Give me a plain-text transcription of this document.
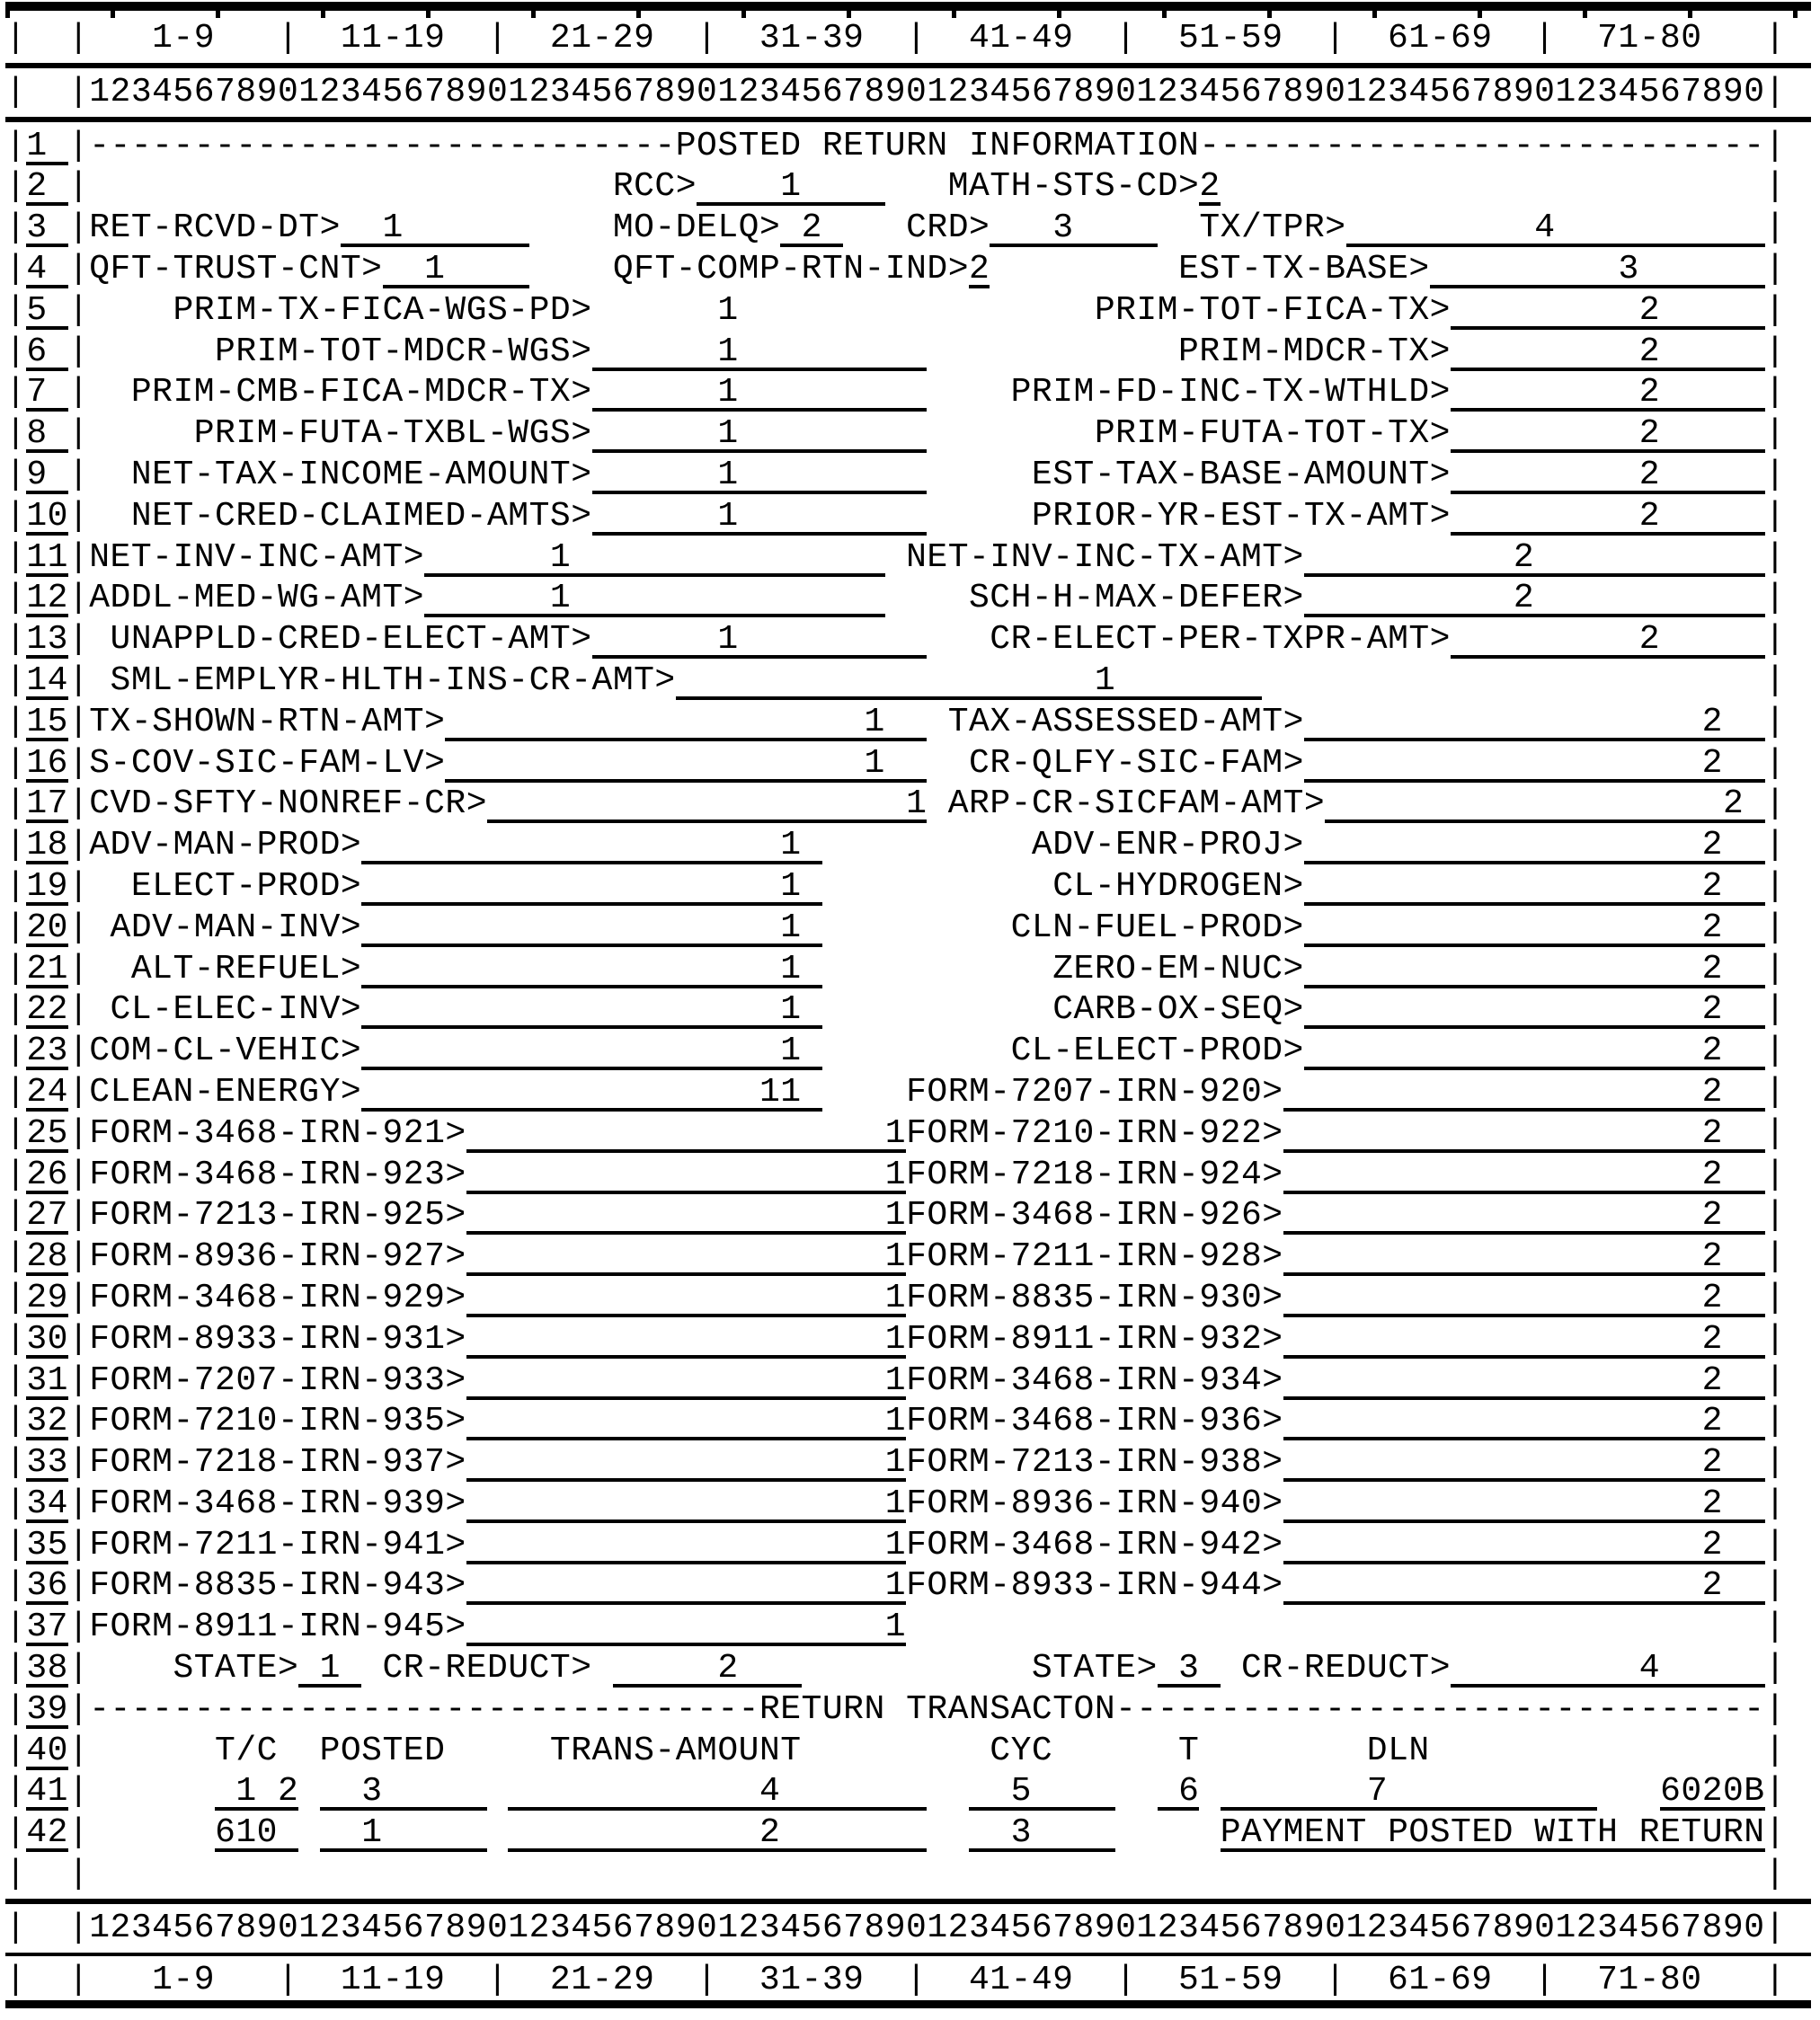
|  |   1-9   |  11-19  |  21-29  |  31-39  |  41-49  |  51-59  |  61-69  |  71-80   |
|  |12345678901234567890123456789012345678901234567890123456789012345678901234567890|
|1 |----------------------------POSTED RETURN INFORMATION---------------------------|
|2 |                         RCC>    1       MATH-STS-CD>2	|
|3 |RET-RCVD-DT>  1          MO-DELQ> 2    CRD>   3      TX/TPR>         4          |
|4 |QFT-TRUST-CNT>  1        QFT-COMP-RTN-IND>2         EST-TX-BASE>         3      |
|5 |    PRIM-TX-FICA-WGS-PD>      1                 PRIM-TOT-FICA-TX>         2     |
|6 |      PRIM-TOT-MDCR-WGS>      1                     PRIM-MDCR-TX>         2     |
|7 |  PRIM-CMB-FICA-MDCR-TX>      1             PRIM-FD-INC-TX-WTHLD>         2     |
|8 |     PRIM-FUTA-TXBL-WGS>      1                 PRIM-FUTA-TOT-TX>         2     |
|9 |  NET-TAX-INCOME-AMOUNT>      1              EST-TAX-BASE-AMOUNT>         2     |
|10|  NET-CRED-CLAIMED-AMTS>      1              PRIOR-YR-EST-TX-AMT>         2     |
|11|NET-INV-INC-AMT>      1                NET-INV-INC-TX-AMT>          2           |
|12|ADDL-MED-WG-AMT>      1                   SCH-H-MAX-DEFER>          2           |
|13| UNAPPLD-CRED-ELECT-AMT>      1            CR-ELECT-PER-TXPR-AMT>         2     |
|14| SML-EMPLYR-HLTH-INS-CR-AMT>                    1	|
|15|TX-SHOWN-RTN-AMT>                    1   TAX-ASSESSED-AMT>                   2  |
|16|S-COV-SIC-FAM-LV>                    1    CR-QLFY-SIC-FAM>                   2  |
|17|CVD-SFTY-NONREF-CR>                    1 ARP-CR-SICFAM-AMT>                   2 |
|18|ADV-MAN-PROD>                    1           ADV-ENR-PROJ>                   2  |
|19|  ELECT-PROD>                    1            CL-HYDROGEN>                   2  |
|20| ADV-MAN-INV>                    1          CLN-FUEL-PROD>                   2  |
|21|  ALT-REFUEL>                    1            ZERO-EM-NUC>                   2  |
|22| CL-ELEC-INV>                    1            CARB-OX-SEQ>                   2  |
|23|COM-CL-VEHIC>                    1          CL-ELECT-PROD>                   2  |
|24|CLEAN-ENERGY>                   11     FORM-7207-IRN-920>                    2  |
|25|FORM-3468-IRN-921>                    1FORM-7210-IRN-922>                    2  |
|26|FORM-3468-IRN-923>                    1FORM-7218-IRN-924>                    2  |
|27|FORM-7213-IRN-925>                    1FORM-3468-IRN-926>                    2  |
|28|FORM-8936-IRN-927>                    1FORM-7211-IRN-928>                    2  |
|29|FORM-3468-IRN-929>                    1FORM-8835-IRN-930>                    2  |
|30|FORM-8933-IRN-931>                    1FORM-8911-IRN-932>                    2  |
|31|FORM-7207-IRN-933>                    1FORM-3468-IRN-934>                    2  |
|32|FORM-7210-IRN-935>                    1FORM-3468-IRN-936>                    2  |
|33|FORM-7218-IRN-937>                    1FORM-7213-IRN-938>                    2  |
|34|FORM-3468-IRN-939>                    1FORM-8936-IRN-940>                    2  |
|35|FORM-7211-IRN-941>                    1FORM-3468-IRN-942>                    2  |
|36|FORM-8835-IRN-943>                    1FORM-8933-IRN-944>                    2  |
|37|FORM-8911-IRN-945>                    1	|
|38|    STATE> 1  CR-REDUCT>      2              STATE> 3  CR-REDUCT>         4     |
|39|--------------------------------RETURN TRANSACTON-------------------------------|
|40|      T/C  POSTED     TRANS-AMOUNT         CYC      T        DLN                |
|41|	1 2   3                  4           5       6        7             6020B|
|42|	610    1                  2           3	PAYMENT POSTED WITH RETURN|
| |	|
|  |12345678901234567890123456789012345678901234567890123456789012345678901234567890|
|  |   1-9   |  11-19  |  21-29  |  31-39  |  41-49  |  51-59  |  61-69  |  71-80   |
